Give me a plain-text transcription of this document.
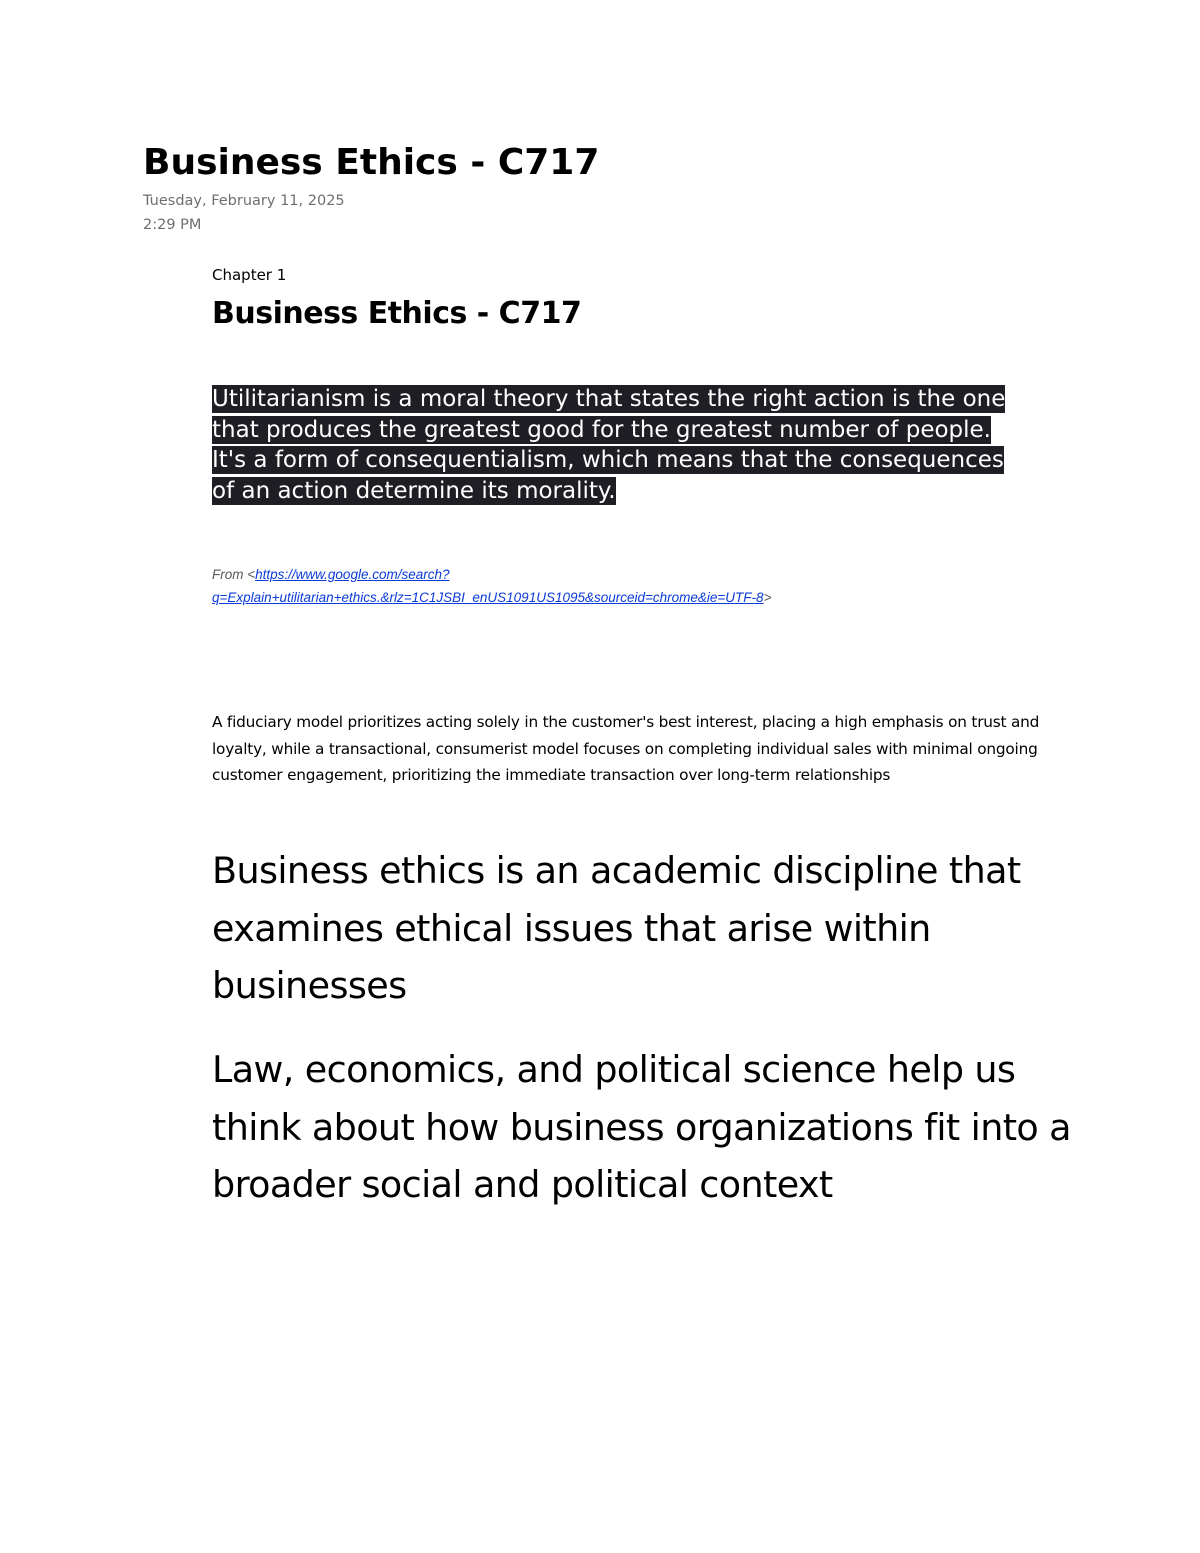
Business Ethics - C717
Tuesday, February 11, 2025
2:29 PM
Chapter 1
Business Ethics - C717
Utilitarianism is a moral theory that states the right action is the one that produces the greatest good for the greatest number of people. It's a form of consequentialism, which means that the consequences of an action determine its morality.
From <https://www.google.com/search?q=Explain+utilitarian+ethics.&rlz=1C1JSBI_enUS1091US1095&sourceid=chrome&ie=UTF-8>
A fiduciary model prioritizes acting solely in the customer's best interest, placing a high emphasis on trust and loyalty, while a transactional, consumerist model focuses on completing individual sales with minimal ongoing customer engagement, prioritizing the immediate transaction over long-term relationships

Business ethics is an academic discipline that examines ethical issues that arise within businesses

Law, economics, and political science help us think about how business organizations fit into a broader social and political context
